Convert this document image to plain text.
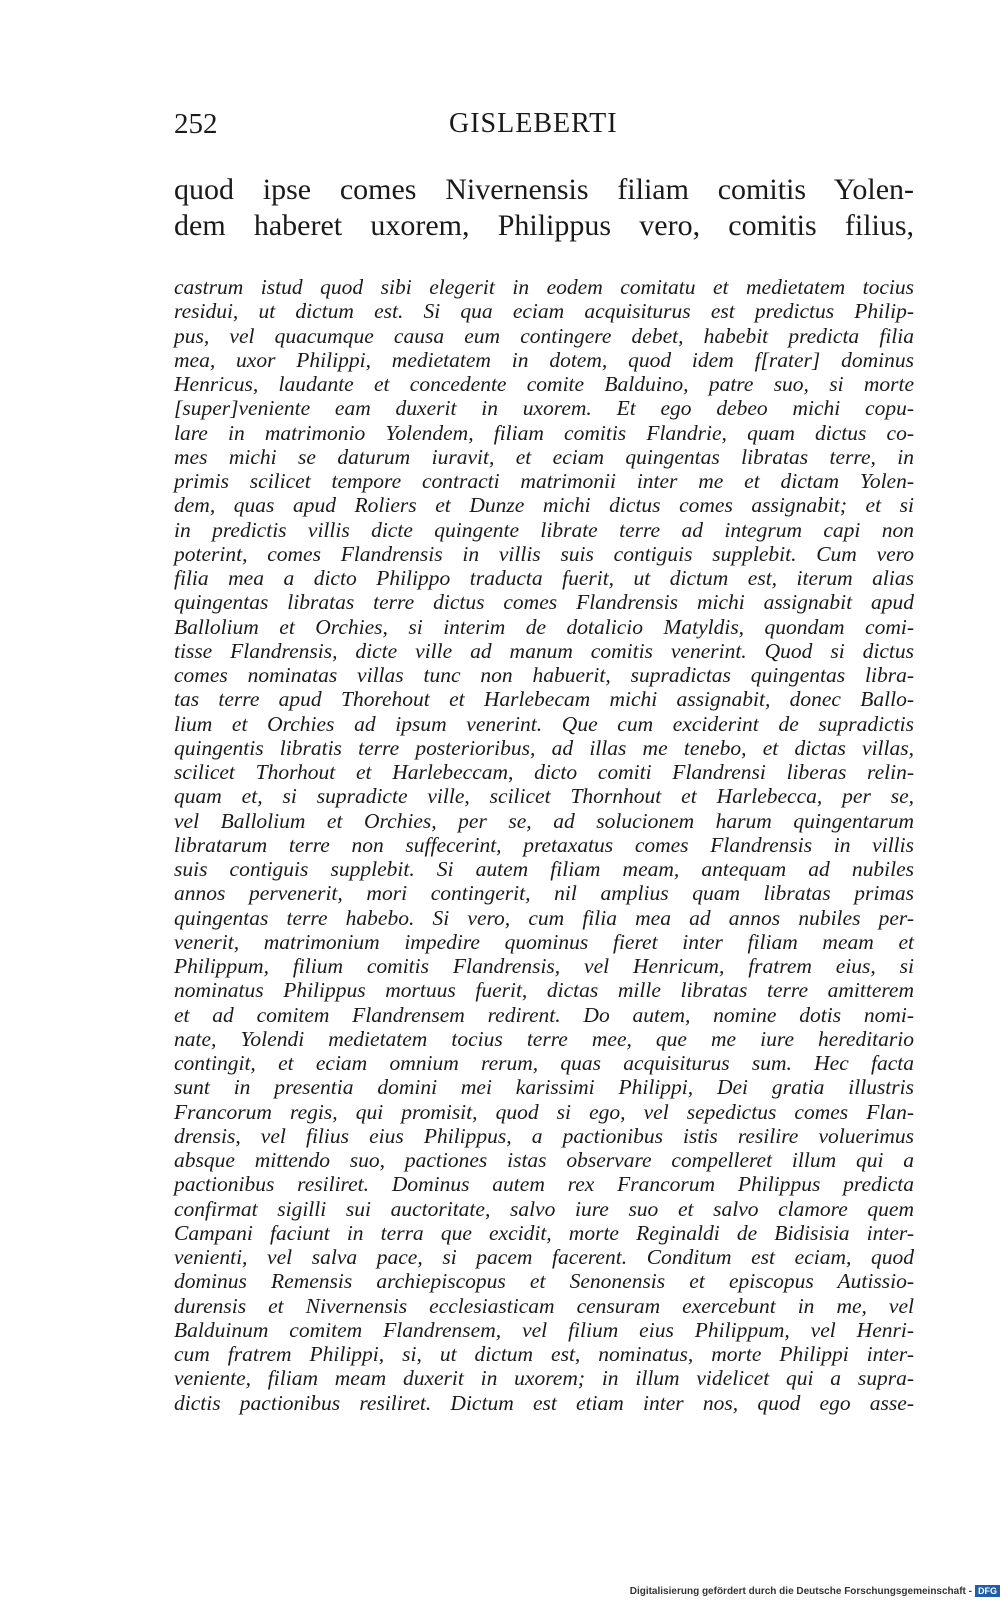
252	GISLEBERTI
quod ipse comes Nivernensis filiam comitis Yolen-
dem haberet uxorem, Philippus vero, comitis filius,
castrum istud quod sibi elegerit in eodem comitatu et medietatem tocius
residui, ut dictum est. Si qua eciam acquisiturus est predictus Philip-
pus, vel quacumque causa eum contingere debet, habebit predicta filia
mea, uxor Philippi, medietatem in dotem, quod idem f[rater] dominus
Henricus, laudante et concedente comite Balduino, patre suo, si morte
[super]veniente eam duxerit in uxorem. Et ego debeo michi copu-
lare in matrimonio Yolendem, filiam comitis Flandrie, quam dictus co-
mes michi se daturum iuravit, et eciam quingentas libratas terre, in
primis scilicet tempore contracti matrimonii inter me et dictam Yolen-
dem, quas apud Roliers et Dunze michi dictus comes assignabit; et si
in predictis villis dicte quingente librate terre ad integrum capi non
poterint, comes Flandrensis in villis suis contiguis supplebit. Cum vero
filia mea a dicto Philippo traducta fuerit, ut dictum est, iterum alias
quingentas libratas terre dictus comes Flandrensis michi assignabit apud
Ballolium et Orchies, si interim de dotalicio Matyldis, quondam comi-
tisse Flandrensis, dicte ville ad manum comitis venerint. Quod si dictus
comes nominatas villas tunc non habuerit, supradictas quingentas libra-
tas terre apud Thorehout et Harlebecam michi assignabit, donec Ballo-
lium et Orchies ad ipsum venerint. Que cum exciderint de supradictis
quingentis libratis terre posterioribus, ad illas me tenebo, et dictas villas,
scilicet Thorhout et Harlebeccam, dicto comiti Flandrensi liberas relin-
quam et, si supradicte ville, scilicet Thornhout et Harlebecca, per se,
vel Ballolium et Orchies, per se, ad solucionem harum quingentarum
libratarum terre non suffecerint, pretaxatus comes Flandrensis in villis
suis contiguis supplebit. Si autem filiam meam, antequam ad nubiles
annos pervenerit, mori contingerit, nil amplius quam libratas primas
quingentas terre habebo. Si vero, cum filia mea ad annos nubiles per-
venerit, matrimonium impedire quominus fieret inter filiam meam et
Philippum, filium comitis Flandrensis, vel Henricum, fratrem eius, si
nominatus Philippus mortuus fuerit, dictas mille libratas terre amitterem
et ad comitem Flandrensem redirent. Do autem, nomine dotis nomi-
nate, Yolendi medietatem tocius terre mee, que me iure hereditario
contingit, et eciam omnium rerum, quas acquisiturus sum. Hec facta
sunt in presentia domini mei karissimi Philippi, Dei gratia illustris
Francorum regis, qui promisit, quod si ego, vel sepedictus comes Flan-
drensis, vel filius eius Philippus, a pactionibus istis resilire voluerimus
absque mittendo suo, pactiones istas observare compelleret illum qui a
pactionibus resiliret. Dominus autem rex Francorum Philippus predicta
confirmat sigilli sui auctoritate, salvo iure suo et salvo clamore quem
Campani faciunt in terra que excidit, morte Reginaldi de Bidisisia inter-
venienti, vel salva pace, si pacem facerent. Conditum est eciam, quod
dominus Remensis archiepiscopus et Senonensis et episcopus Autissio-
durensis et Nivernensis ecclesiasticam censuram exercebunt in me, vel
Balduinum comitem Flandrensem, vel filium eius Philippum, vel Henri-
cum fratrem Philippi, si, ut dictum est, nominatus, morte Philippi inter-
veniente, filiam meam duxerit in uxorem; in illum videlicet qui a supra-
dictis pactionibus resiliret. Dictum est etiam inter nos, quod ego asse-
Digitalisierung gefördert durch die Deutsche Forschungsgemeinschaft - DFG
